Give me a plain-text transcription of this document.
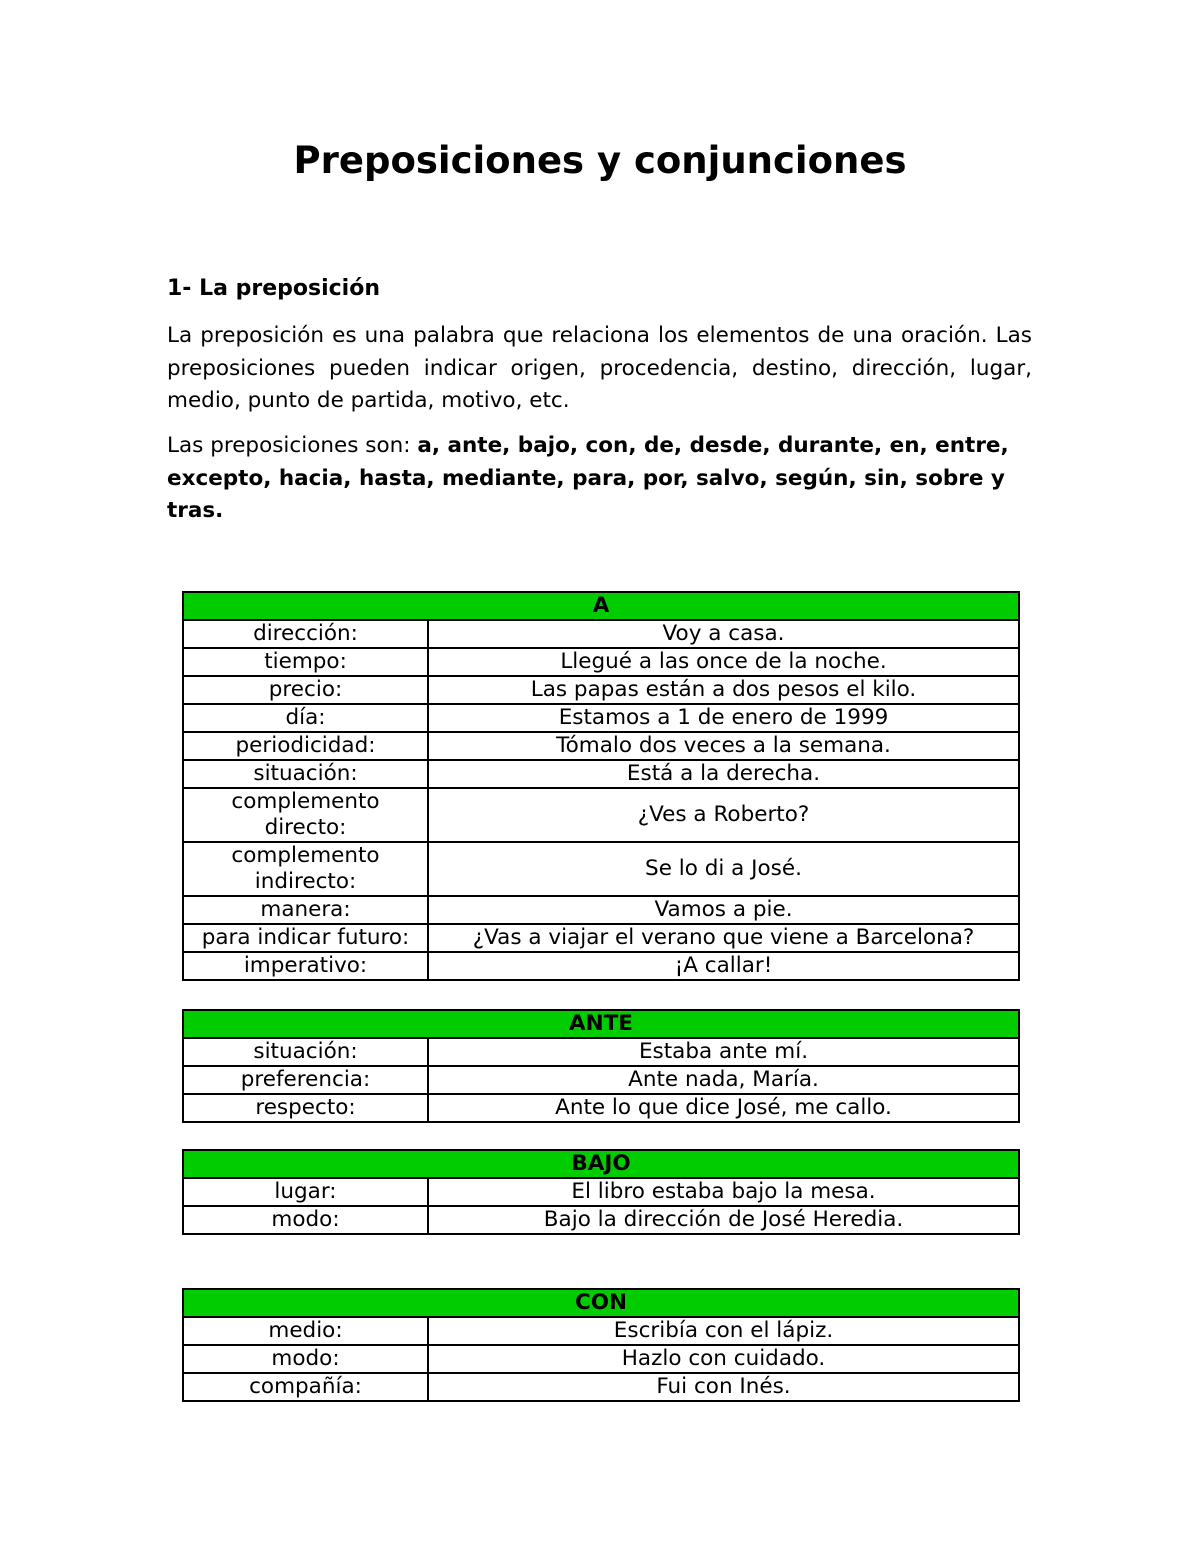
Preposiciones y conjunciones
1- La preposición

La preposición es una palabra que relaciona los elementos de una oración. Las preposiciones pueden indicar origen, procedencia, destino, dirección, lugar, medio, punto de partida, motivo, etc.

Las preposiciones son: a, ante, bajo, con, de, desde, durante, en, entre, excepto, hacia, hasta, mediante, para, por, salvo, según, sin, sobre y tras.

A	
dirección:	Voy a casa.
tiempo:	Llegué a las once de la noche.
precio:	Las papas están a dos pesos el kilo.
día:	Estamos a 1 de enero de 1999
periodicidad:	Tómalo dos veces a la semana.
situación:	Está a la derecha.
complemento directo:	¿Ves a Roberto?
complemento indirecto:	Se lo di a José.
manera:	Vamos a pie.
para indicar futuro:	¿Vas a viajar el verano que viene a Barcelona?
imperativo:	¡A callar!
ANTE	
situación:	Estaba ante mí.
preferencia:	Ante nada, María.
respecto:	Ante lo que dice José, me callo.
BAJO	
lugar:	El libro estaba bajo la mesa.
modo:	Bajo la dirección de José Heredia.
CON	
medio:	Escribía con el lápiz.
modo:	Hazlo con cuidado.
compañía:	Fui con Inés.
